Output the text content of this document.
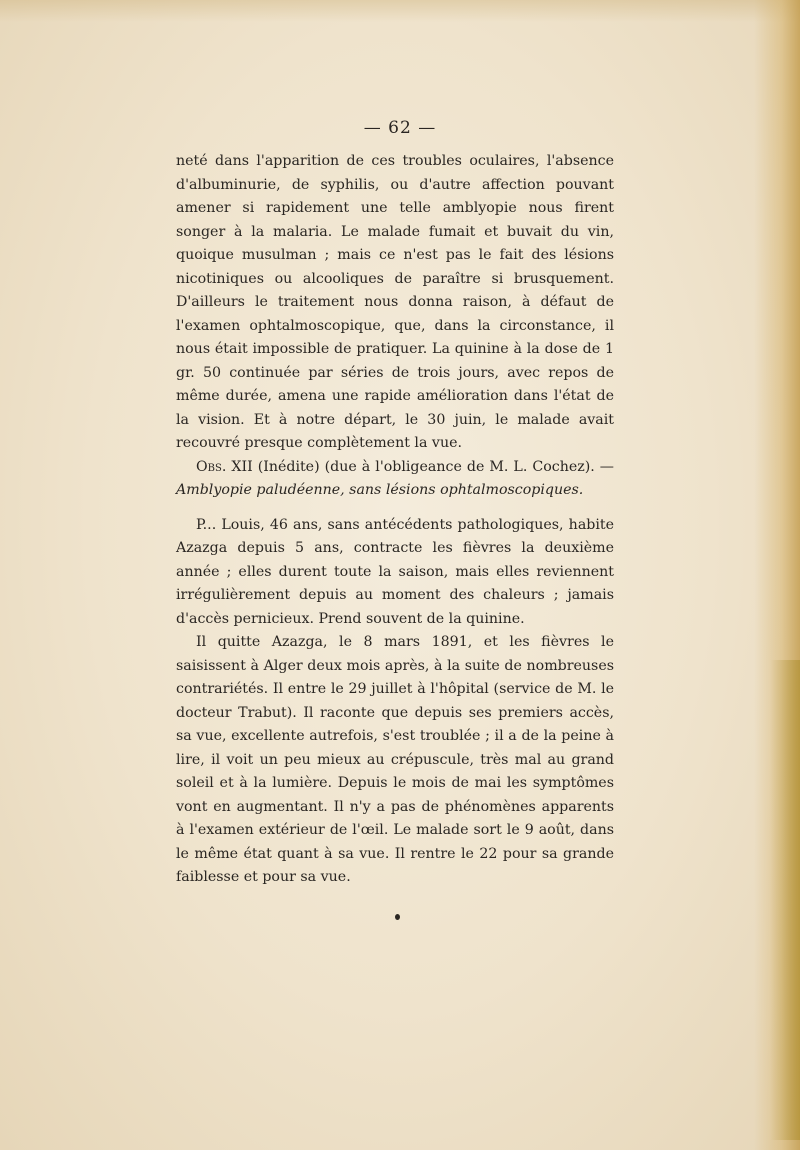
— 62 —

neté dans l'apparition de ces troubles oculaires, l'absence d'albuminurie, de syphilis, ou d'autre affection pouvant amener si rapidement une telle amblyopie nous firent songer à la malaria. Le malade fumait et buvait du vin, quoique musulman ; mais ce n'est pas le fait des lésions nicotiniques ou alcooliques de paraître si brusquement. D'ailleurs le traitement nous donna raison, à défaut de l'examen ophtalmoscopique, que, dans la circonstance, il nous était impossible de pratiquer. La quinine à la dose de 1 gr. 50 continuée par séries de trois jours, avec repos de même durée, amena une rapide amélioration dans l'état de la vision. Et à notre départ, le 30 juin, le malade avait recouvré presque complètement la vue.

Obs. XII (Inédite) (due à l'obligeance de M. L. Cochez). — Amblyopie paludéenne, sans lésions ophtalmoscopiques.

P... Louis, 46 ans, sans antécédents pathologiques, habite Azazga depuis 5 ans, contracte les fièvres la deuxième année ; elles durent toute la saison, mais elles reviennent irrégulièrement depuis au moment des chaleurs ; jamais d'accès pernicieux. Prend souvent de la quinine.

Il quitte Azazga, le 8 mars 1891, et les fièvres le saisissent à Alger deux mois après, à la suite de nombreuses contrariétés. Il entre le 29 juillet à l'hôpital (service de M. le docteur Trabut). Il raconte que depuis ses premiers accès, sa vue, excellente autrefois, s'est troublée ; il a de la peine à lire, il voit un peu mieux au crépuscule, très mal au grand soleil et à la lumière. Depuis le mois de mai les symptômes vont en augmentant. Il n'y a pas de phénomènes apparents à l'examen extérieur de l'œil. Le malade sort le 9 août, dans le même état quant à sa vue. Il rentre le 22 pour sa grande faiblesse et pour sa vue.
